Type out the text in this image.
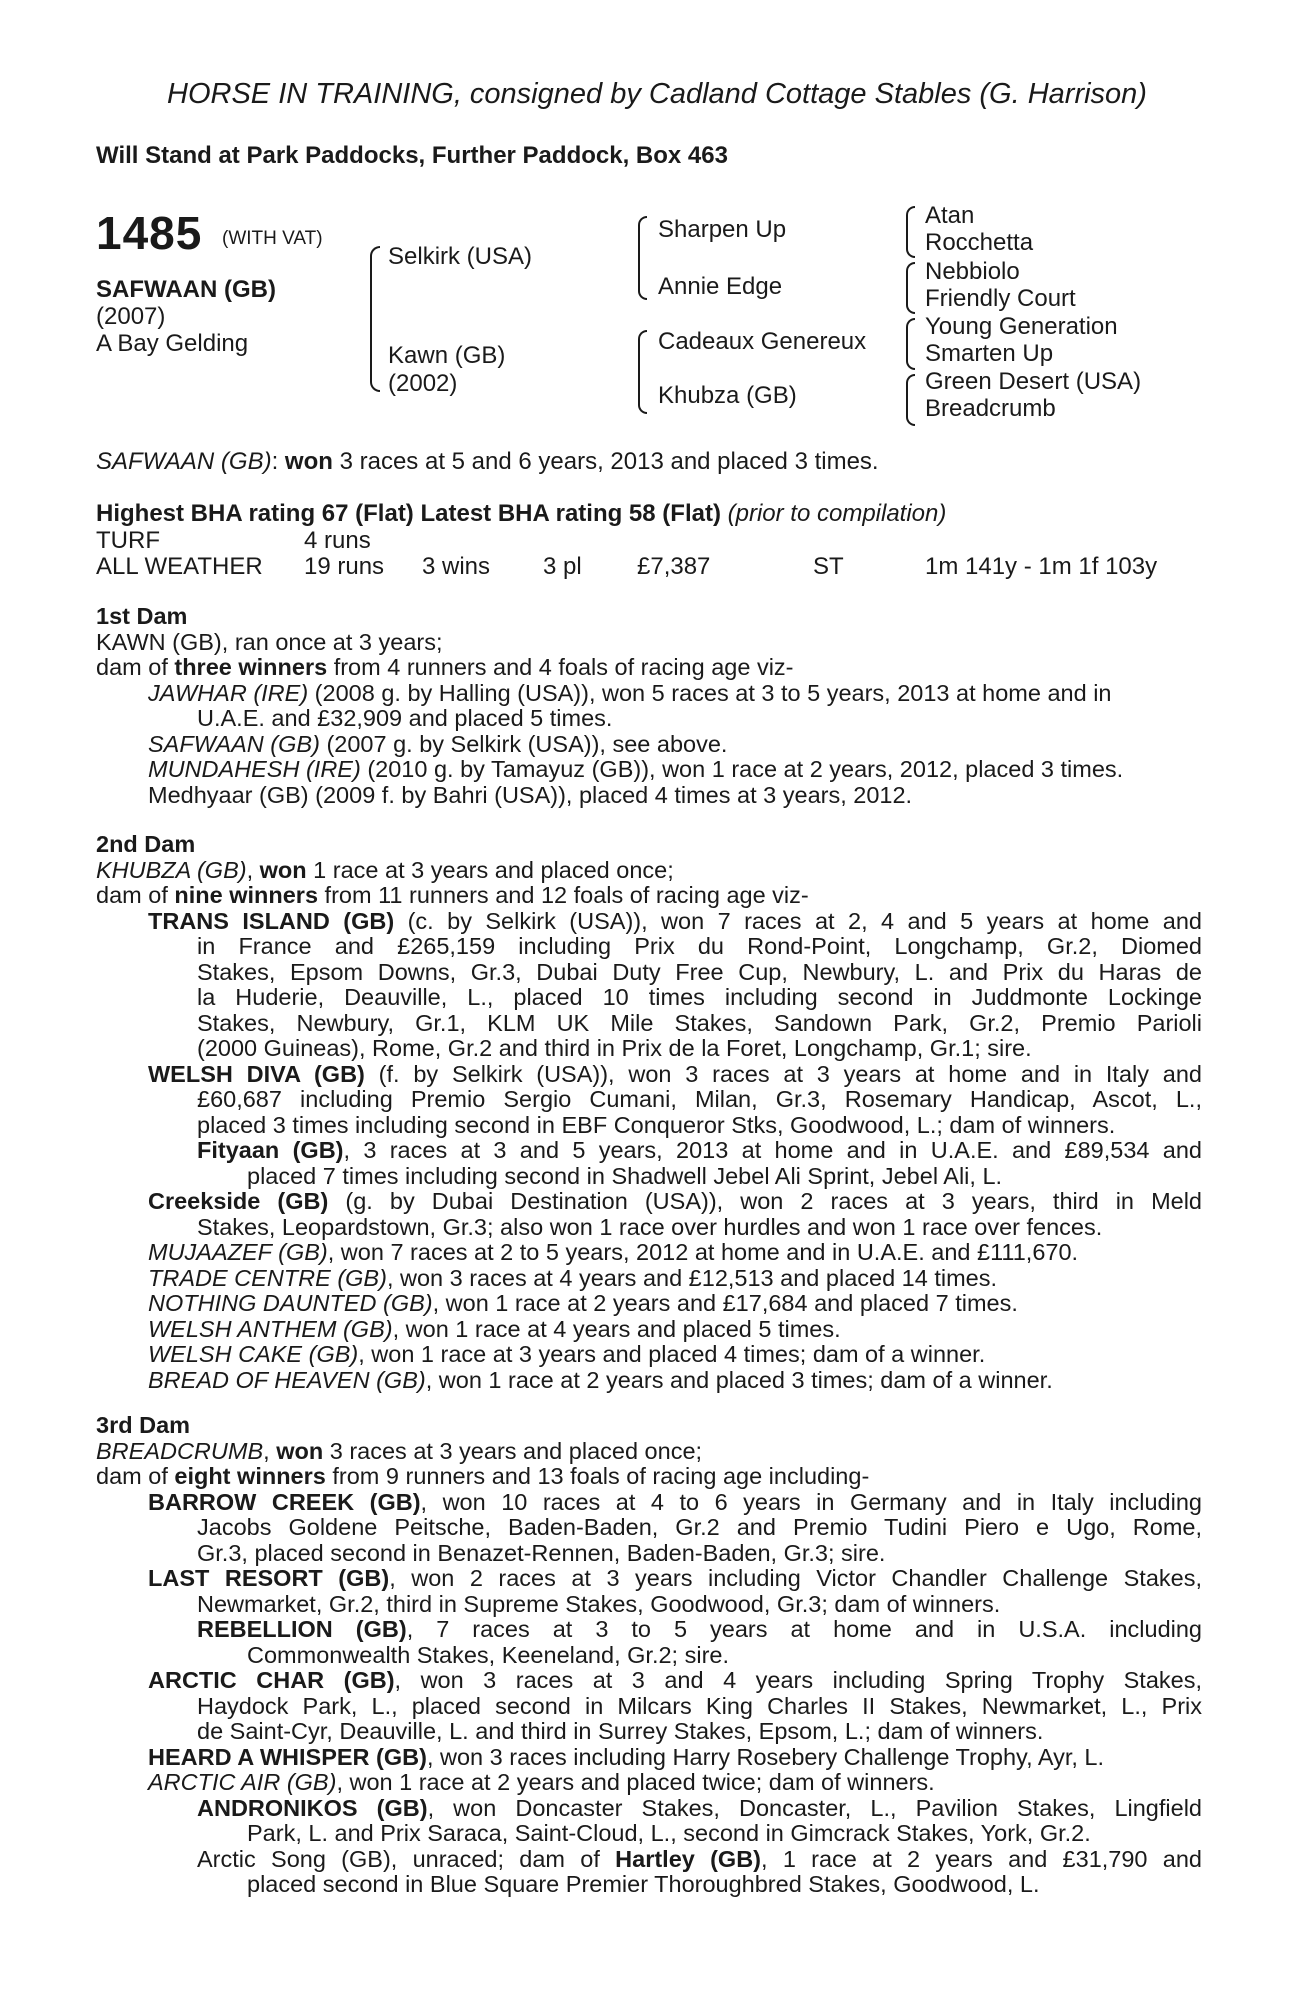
HORSE IN TRAINING, consigned by Cadland Cottage Stables (G. Harrison)
Will Stand at Park Paddocks, Further Paddock, Box 463
1485 (WITH VAT)
SAFWAAN (GB)
(2007)
A Bay Gelding
Selkirk (USA)
Kawn (GB)
(2002)
Sharpen Up
Annie Edge
Cadeaux Genereux
Khubza (GB)
Atan
Rocchetta
Nebbiolo
Friendly Court
Young Generation
Smarten Up
Green Desert (USA)
Breadcrumb
SAFWAAN (GB): won 3 races at 5 and 6 years, 2013 and placed 3 times.
Highest BHA rating 67 (Flat) Latest BHA rating 58 (Flat) (prior to compilation)
TURF	4 runs
ALL WEATHER 19 runs 3 wins 3 pl £7,387	ST	1m 141y - 1m 1f 103y
1st Dam
KAWN (GB), ran once at 3 years;
dam of three winners from 4 runners and 4 foals of racing age viz-
JAWHAR (IRE) (2008 g. by Halling (USA)), won 5 races at 3 to 5 years, 2013 at home and in
U.A.E. and £32,909 and placed 5 times.
SAFWAAN (GB) (2007 g. by Selkirk (USA)), see above.
MUNDAHESH (IRE) (2010 g. by Tamayuz (GB)), won 1 race at 2 years, 2012, placed 3 times.
Medhyaar (GB) (2009 f. by Bahri (USA)), placed 4 times at 3 years, 2012.
2nd Dam
KHUBZA (GB), won 1 race at 3 years and placed once;
dam of nine winners from 11 runners and 12 foals of racing age viz-
TRANS ISLAND (GB) (c. by Selkirk (USA)), won 7 races at 2, 4 and 5 years at home and
in France and £265,159 including Prix du Rond-Point, Longchamp, Gr.2, Diomed
Stakes, Epsom Downs, Gr.3, Dubai Duty Free Cup, Newbury, L. and Prix du Haras de
la Huderie, Deauville, L., placed 10 times including second in Juddmonte Lockinge
Stakes, Newbury, Gr.1, KLM UK Mile Stakes, Sandown Park, Gr.2, Premio Parioli
(2000 Guineas), Rome, Gr.2 and third in Prix de la Foret, Longchamp, Gr.1; sire.
WELSH DIVA (GB) (f. by Selkirk (USA)), won 3 races at 3 years at home and in Italy and
£60,687 including Premio Sergio Cumani, Milan, Gr.3, Rosemary Handicap, Ascot, L.,
placed 3 times including second in EBF Conqueror Stks, Goodwood, L.; dam of winners.
Fityaan (GB), 3 races at 3 and 5 years, 2013 at home and in U.A.E. and £89,534 and
placed 7 times including second in Shadwell Jebel Ali Sprint, Jebel Ali, L.
Creekside (GB) (g. by Dubai Destination (USA)), won 2 races at 3 years, third in Meld
Stakes, Leopardstown, Gr.3; also won 1 race over hurdles and won 1 race over fences.
MUJAAZEF (GB), won 7 races at 2 to 5 years, 2012 at home and in U.A.E. and £111,670.
TRADE CENTRE (GB), won 3 races at 4 years and £12,513 and placed 14 times.
NOTHING DAUNTED (GB), won 1 race at 2 years and £17,684 and placed 7 times.
WELSH ANTHEM (GB), won 1 race at 4 years and placed 5 times.
WELSH CAKE (GB), won 1 race at 3 years and placed 4 times; dam of a winner.
BREAD OF HEAVEN (GB), won 1 race at 2 years and placed 3 times; dam of a winner.
3rd Dam
BREADCRUMB, won 3 races at 3 years and placed once;
dam of eight winners from 9 runners and 13 foals of racing age including-
BARROW CREEK (GB), won 10 races at 4 to 6 years in Germany and in Italy including
Jacobs Goldene Peitsche, Baden-Baden, Gr.2 and Premio Tudini Piero e Ugo, Rome,
Gr.3, placed second in Benazet-Rennen, Baden-Baden, Gr.3; sire.
LAST RESORT (GB), won 2 races at 3 years including Victor Chandler Challenge Stakes,
Newmarket, Gr.2, third in Supreme Stakes, Goodwood, Gr.3; dam of winners.
REBELLION (GB), 7 races at 3 to 5 years at home and in U.S.A. including
Commonwealth Stakes, Keeneland, Gr.2; sire.
ARCTIC CHAR (GB), won 3 races at 3 and 4 years including Spring Trophy Stakes,
Haydock Park, L., placed second in Milcars King Charles II Stakes, Newmarket, L., Prix
de Saint-Cyr, Deauville, L. and third in Surrey Stakes, Epsom, L.; dam of winners.
HEARD A WHISPER (GB), won 3 races including Harry Rosebery Challenge Trophy, Ayr, L.
ARCTIC AIR (GB), won 1 race at 2 years and placed twice; dam of winners.
ANDRONIKOS (GB), won Doncaster Stakes, Doncaster, L., Pavilion Stakes, Lingfield
Park, L. and Prix Saraca, Saint-Cloud, L., second in Gimcrack Stakes, York, Gr.2.
Arctic Song (GB), unraced; dam of Hartley (GB), 1 race at 2 years and £31,790 and
placed second in Blue Square Premier Thoroughbred Stakes, Goodwood, L.
